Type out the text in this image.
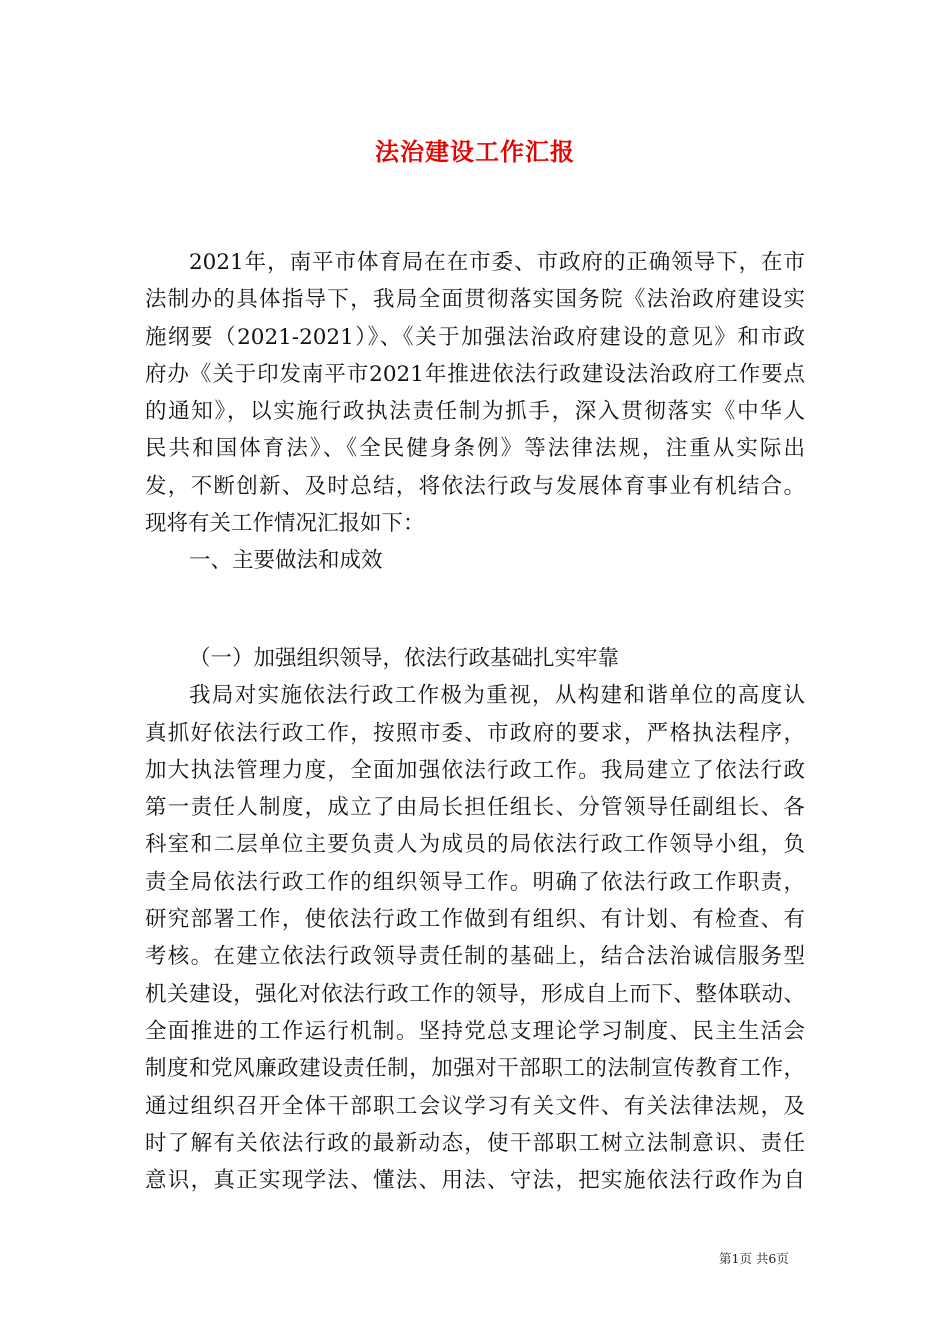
法治建设工作汇报
2021年，南平市体育局在在市委、市政府的正确领导下，在市
法制办的具体指导下，我局全面贯彻落实国务院《法治政府建设实
施纲要（2021-2021）》、《关于加强法治政府建设的意见》和市政
府办《关于印发南平市2021年推进依法行政建设法治政府工作要点
的通知》，以实施行政执法责任制为抓手，深入贯彻落实《中华人
民共和国体育法》、《全民健身条例》等法律法规，注重从实际出
发，不断创新、及时总结，将依法行政与发展体育事业有机结合。
现将有关工作情况汇报如下：
一、主要做法和成效
（一）加强组织领导，依法行政基础扎实牢靠
我局对实施依法行政工作极为重视，从构建和谐单位的高度认
真抓好依法行政工作，按照市委、市政府的要求，严格执法程序，
加大执法管理力度，全面加强依法行政工作。我局建立了依法行政
第一责任人制度，成立了由局长担任组长、分管领导任副组长、各
科室和二层单位主要负责人为成员的局依法行政工作领导小组，负
责全局依法行政工作的组织领导工作。明确了依法行政工作职责，
研究部署工作，使依法行政工作做到有组织、有计划、有检查、有
考核。在建立依法行政领导责任制的基础上，结合法治诚信服务型
机关建设，强化对依法行政工作的领导，形成自上而下、整体联动、
全面推进的工作运行机制。坚持党总支理论学习制度、民主生活会
制度和党风廉政建设责任制，加强对干部职工的法制宣传教育工作，
通过组织召开全体干部职工会议学习有关文件、有关法律法规，及
时了解有关依法行政的最新动态，使干部职工树立法制意识、责任
意识，真正实现学法、懂法、用法、守法，把实施依法行政作为自
第1页 共6页
